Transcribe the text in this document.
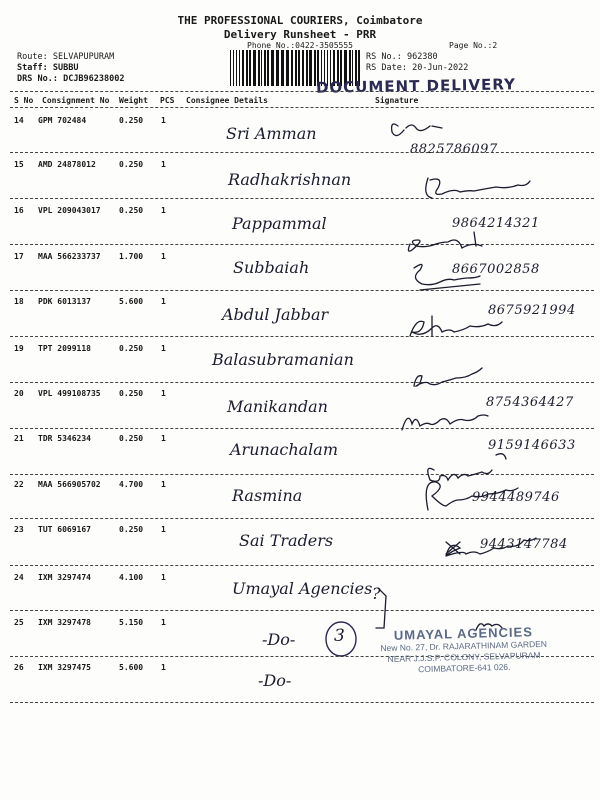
THE PROFESSIONAL COURIERS, Coimbatore
Delivery Runsheet - PRR
Phone No.:0422-3505555	Page No.:2
Route: SELVAPUPURAM
Staff: SUBBU
DRS No.: DCJB96238002
RS No.: 962380
RS Date: 20-Jun-2022
DOCUMENT DELIVERY
S No Consignment No Weight PCS Consignee Details	Signature
14 GPM 702484	0.250 1
Sri Amman
8825786097
15 AMD 24878012	0.250 1
Radhakrishnan
16 VPL 209043017 0.250 1
Pappammal	9864214321
17 MAA 566233737 1.700 1
Subbaiah	8667002858
18 PDK 6013137	5.600 1
Abdul Jabbar	8675921994
19 TPT 2099118	0.250 1
Balasubramanian
20 VPL 499108735 0.250 1
Manikandan	8754364427
21 TDR 5346234	0.250 1
Arunachalam	9159146633
22 MAA 566905702 4.700 1
Rasmina	9944489746
23 TUT 6069167	0.250 1
Sai Traders	9443147784
24 IXM 3297474	4.100 1
Umayal Agencies
25 IXM 3297478	5.150 1
-Do-
26 IXM 3297475	5.600 1
-Do-
3
?
UMAYAL AGENCIES
New No. 27, Dr. RAJARATHINAM GARDEN
NEAR J.J.S.P. COLONY, SELVAPURAM
COIMBATORE-641 026.
